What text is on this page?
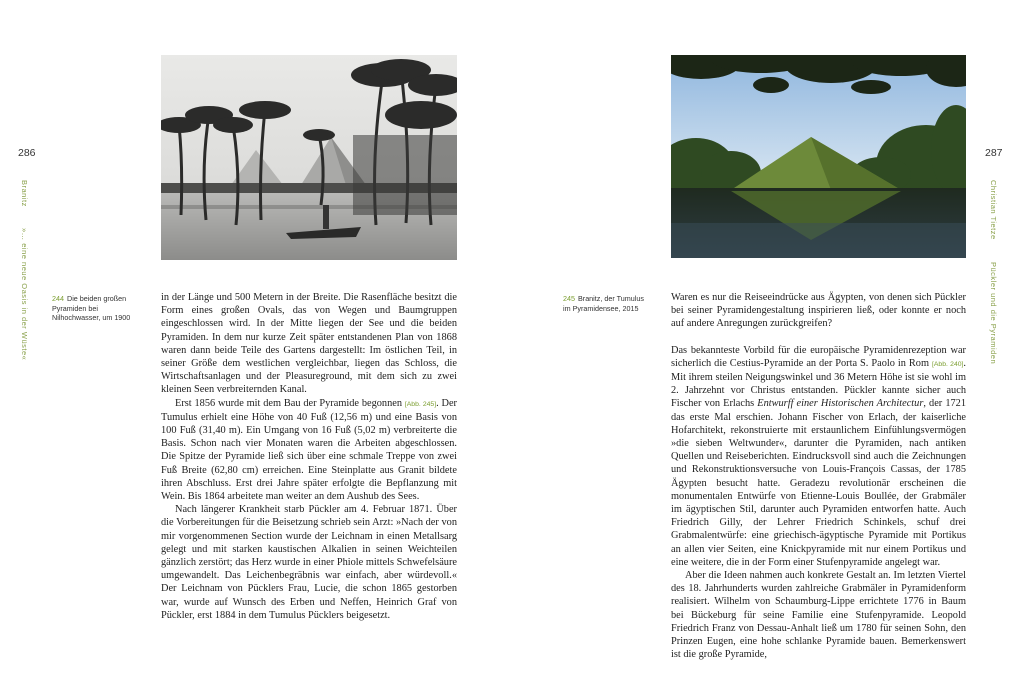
286
Branitz
»… eine neue Oasis in der Wüste«	244 Die beiden großen Pyramiden bei Nilhochwasser, um 1900

in der Länge und 500 Metern in der Breite. Die Rasenfläche besitzt die Form eines großen Ovals, das von Wegen und Baumgruppen eingeschlossen wird. In der Mitte liegen der See und die beiden Pyramiden. In dem nur kurze Zeit später entstandenen Plan von 1868 waren dann beide Teile des Gartens dargestellt: Im östlichen Teil, in seiner Größe dem westlichen vergleichbar, liegen das Schloss, die Wirtschaftsanlagen und der Pleasureground, mit dem sich zu zwei kleinen Seen verbreiternden Kanal.

Erst 1856 wurde mit dem Bau der Pyramide begonnen [Abb. 245]. Der Tumulus erhielt eine Höhe von 40 Fuß (12,56 m) und eine Basis von 100 Fuß (31,40 m). Ein Umgang von 16 Fuß (5,02 m) verbreiterte die Basis. Schon nach vier Monaten waren die Arbeiten abgeschlossen. Die Spitze der Pyramide ließ sich über eine schmale Treppe von zwei Fuß Breite (62,80 cm) erreichen. Eine Steinplatte aus Granit bildete ihren Abschluss. Erst drei Jahre später erfolgte die Bepflanzung mit Wein. Bis 1864 arbeitete man weiter an dem Aushub des Sees.

Nach längerer Krankheit starb Pückler am 4. Februar 1871. Über die Vorbereitungen für die Beisetzung schrieb sein Arzt: »Nach der von mir vorgenommenen Section wurde der Leichnam in einen Metallsarg gelegt und mit starken kaustischen Alkalien in seinen Weichteilen gänzlich zerstört; das Herz wurde in einer Phiole mittels Schwefelsäure umgewandelt. Das Leichenbegräbnis war einfach, aber würdevoll.« Der Leichnam von Pücklers Frau, Lucie, die schon 1865 gestorben war, wurde auf Wunsch des Erben und Neffen, Heinrich Graf von Pückler, erst 1884 in dem Tumulus Pücklers beigesetzt.

287
Christian Tietze
Pückler und die Pyramiden
245 Branitz, der Tumulus im Pyramidensee, 2015

Waren es nur die Reiseeindrücke aus Ägypten, von denen sich Pückler bei seiner Pyramidengestaltung inspirieren ließ, oder konnte er noch auf andere Anregungen zurückgreifen?

Das bekannteste Vorbild für die europäische Pyramidenrezeption war sicherlich die Cestius-Pyramide an der Porta S. Paolo in Rom [Abb. 240]. Mit ihrem steilen Neigungswinkel und 36 Metern Höhe ist sie wohl im 2. Jahrzehnt vor Christus entstanden. Pückler kannte sicher auch Fischer von Erlachs Entwurff einer Historischen Architectur, der 1721 das erste Mal erschien. Johann Fischer von Erlach, der kaiserliche Hofarchitekt, rekonstruierte mit erstaunlichem Einfühlungsvermögen »die sieben Weltwunder«, darunter die Pyramiden, nach antiken Quellen und Reiseberichten. Eindrucksvoll sind auch die Zeichnungen und Rekonstruktionsversuche von Louis-François Cassas, der 1785 Ägypten besucht hatte. Geradezu revolutionär erscheinen die monumentalen Entwürfe von Etienne-Louis Boullée, der Grabmäler im ägyptischen Stil, darunter auch Pyramiden entworfen hatte. Auch Friedrich Gilly, der Lehrer Friedrich Schinkels, schuf drei Grabmalentwürfe: eine griechisch-ägyptische Pyramide mit Portikus an allen vier Seiten, eine Knickpyramide mit nur einem Portikus und eine weitere, die in der Form einer Stufenpyramide angelegt war.

Aber die Ideen nahmen auch konkrete Gestalt an. Im letzten Viertel des 18. Jahrhunderts wurden zahlreiche Grabmäler in Pyramidenform realisiert. Wilhelm von Schaumburg-Lippe errichtete 1776 in Baum bei Bückeburg für seine Familie eine Stufenpyramide. Leopold Friedrich Franz von Dessau-Anhalt ließ um 1780 für seinen Sohn, den Prinzen Eugen, eine hohe schlanke Pyramide bauen. Bemerkenswert ist die große Pyramide,
